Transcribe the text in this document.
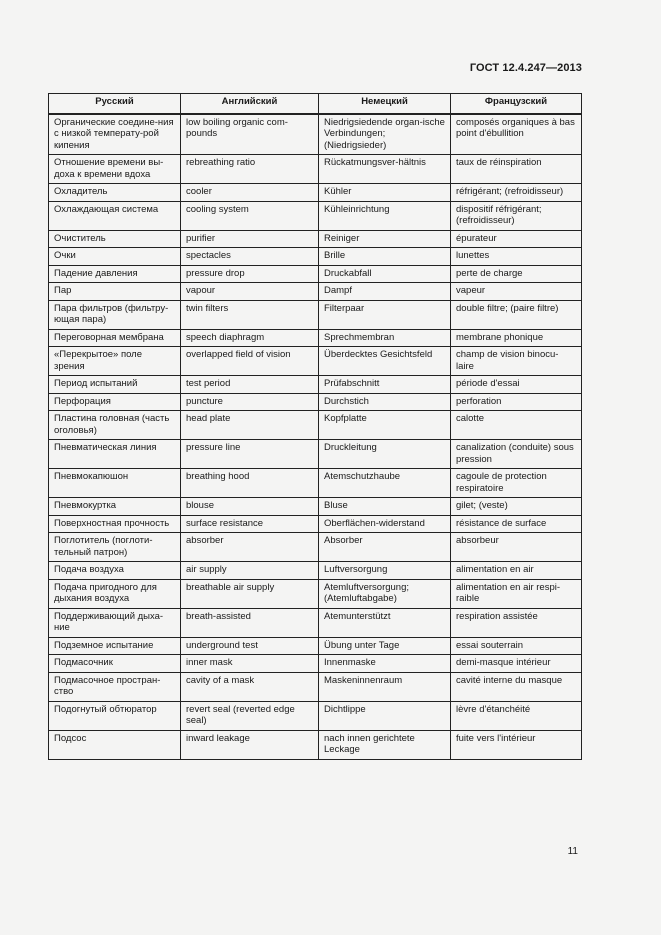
ГОСТ 12.4.247—2013
Русский	Английский	Немецкий	Французский
Органические соедине-ния с низкой температу-рой кипения	low boiling organic com-pounds	Niedrigsiedende organ-ische Verbindungen; (Niedrigsieder)	composés organiques à bas point d'ébullition
Отношение времени вы-доха к времени вдоха	rebreathing ratio	Rückatmungsver-hältnis	taux de réinspiration
Охладитель	cooler	Kühler	réfrigérant; (refroidisseur)
Охлаждающая система	cooling system	Kühleinrichtung	dispositif réfrigérant; (refroidisseur)
Очиститель	purifier	Reiniger	épurateur
Очки	spectacles	Brille	lunettes
Падение давления	pressure drop	Druckabfall	perte de charge
Пар	vapour	Dampf	vapeur
Пара фильтров (фильтру-ющая пара)	twin filters	Filterpaar	double filtre; (paire filtre)
Переговорная мембрана	speech diaphragm	Sprechmembran	membrane phonique
«Перекрытое» поле зрения	overlapped field of vision	Überdecktes Gesichtsfeld	champ de vision binocu-laire
Период испытаний	test period	Prüfabschnitt	période d'essai
Перфорация	puncture	Durchstich	perforation
Пластина головная (часть оголовья)	head plate	Kopfplatte	calotte
Пневматическая линия	pressure line	Druckleitung	canalization (conduite) sous pression
Пневмокапюшон	breathing hood	Atemschutzhaube	cagoule de protection respiratoire
Пневмокуртка	blouse	Bluse	gilet; (veste)
Поверхностная прочность	surface resistance	Oberflächen-widerstand	résistance de surface
Поглотитель (поглоти-тельный патрон)	absorber	Absorber	absorbeur
Подача воздуха	air supply	Luftversorgung	alimentation en air
Подача пригодного для дыхания воздуха	breathable air supply	Atemluftversorgung; (Atemluftabgabe)	alimentation en air respi-raible
Поддерживающий дыха-ние	breath-assisted	Atemunterstützt	respiration assistée
Подземное испытание	underground test	Übung unter Tage	essai souterrain
Подмасочник	inner mask	Innenmaske	demi-masque intérieur
Подмасочное простран-ство	cavity of a mask	Maskeninnenraum	cavité interne du masque
Подогнутый обтюратор	revert seal (reverted edge seal)	Dichtlippe	lèvre d'étanchéité
Подсос	inward leakage	nach innen gerichtete Leckage	fuite vers l'intérieur
11
